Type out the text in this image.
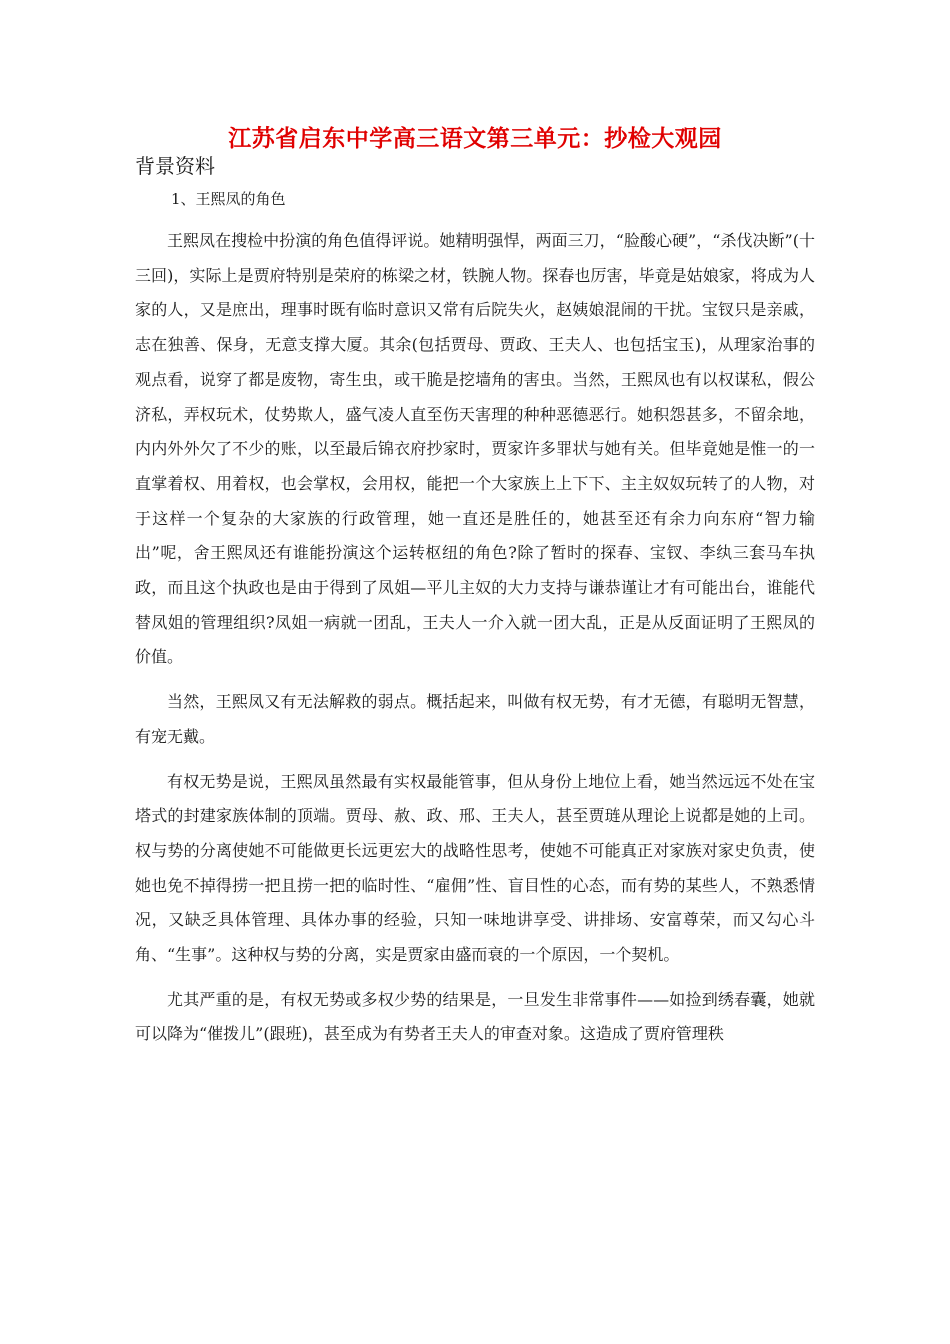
江苏省启东中学高三语文第三单元：抄检大观园
背景资料
1、王熙凤的角色

王熙凤在搜检中扮演的角色值得评说。她精明强悍，两面三刀，“脸酸心硬”，“杀伐决断”(十三回)，实际上是贾府特别是荣府的栋梁之材，铁腕人物。探春也厉害，毕竟是姑娘家，将成为人家的人，又是庶出，理事时既有临时意识又常有后院失火，赵姨娘混闹的干扰。宝钗只是亲戚，志在独善、保身，无意支撑大厦。其余(包括贾母、贾政、王夫人、也包括宝玉)，从理家治事的观点看，说穿了都是废物，寄生虫，或干脆是挖墙角的害虫。当然，王熙凤也有以权谋私，假公济私，弄权玩术，仗势欺人，盛气凌人直至伤天害理的种种恶德恶行。她积怨甚多，不留余地，内内外外欠了不少的账，以至最后锦衣府抄家时，贾家许多罪状与她有关。但毕竟她是惟一的一直掌着权、用着权，也会掌权，会用权，能把一个大家族上上下下、主主奴奴玩转了的人物，对于这样一个复杂的大家族的行政管理，她一直还是胜任的，她甚至还有余力向东府“智力输出”呢，舍王熙凤还有谁能扮演这个运转枢纽的角色?除了暂时的探春、宝钗、李纨三套马车执政，而且这个执政也是由于得到了凤姐—平儿主奴的大力支持与谦恭谨让才有可能出台，谁能代替凤姐的管理组织?凤姐一病就一团乱，王夫人一介入就一团大乱，正是从反面证明了王熙凤的价值。

当然，王熙凤又有无法解救的弱点。概括起来，叫做有权无势，有才无德，有聪明无智慧，有宠无戴。

有权无势是说，王熙凤虽然最有实权最能管事，但从身份上地位上看，她当然远远不处在宝塔式的封建家族体制的顶端。贾母、赦、政、邢、王夫人，甚至贾琏从理论上说都是她的上司。权与势的分离使她不可能做更长远更宏大的战略性思考，使她不可能真正对家族对家史负责，使她也免不掉得捞一把且捞一把的临时性、“雇佣”性、盲目性的心态，而有势的某些人，不熟悉情况，又缺乏具体管理、具体办事的经验，只知一味地讲享受、讲排场、安富尊荣，而又勾心斗角、“生事”。这种权与势的分离，实是贾家由盛而衰的一个原因，一个契机。

尤其严重的是，有权无势或多权少势的结果是，一旦发生非常事件——如捡到绣春囊，她就可以降为“催拨儿”(跟班)，甚至成为有势者王夫人的审查对象。这造成了贾府管理秩
